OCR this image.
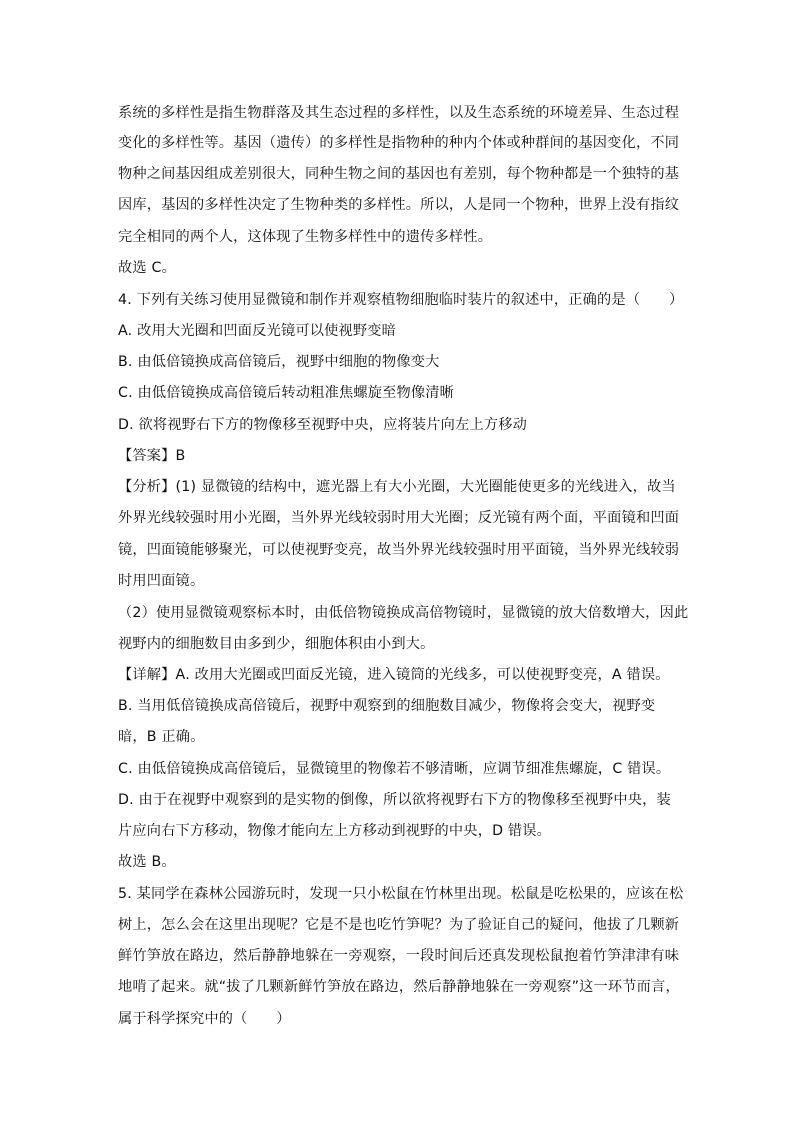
系统的多样性是指生物群落及其生态过程的多样性，以及生态系统的环境差异、生态过程
变化的多样性等。基因（遗传）的多样性是指物种的种内个体或种群间的基因变化，不同
物种之间基因组成差别很大，同种生物之间的基因也有差别，每个物种都是一个独特的基
因库，基因的多样性决定了生物种类的多样性。所以，人是同一个物种，世界上没有指纹
完全相同的两个人，这体现了生物多样性中的遗传多样性。
故选 C。
4. 下列有关练习使用显微镜和制作并观察植物细胞临时装片的叙述中，正确的是（　　）
A. 改用大光圈和凹面反光镜可以使视野变暗
B. 由低倍镜换成高倍镜后，视野中细胞的物像变大
C. 由低倍镜换成高倍镜后转动粗准焦螺旋至物像清晰
D. 欲将视野右下方的物像移至视野中央，应将装片向左上方移动
【答案】B
【分析】(1) 显微镜的结构中，遮光器上有大小光圈，大光圈能使更多的光线进入，故当
外界光线较强时用小光圈，当外界光线较弱时用大光圈；反光镜有两个面，平面镜和凹面
镜，凹面镜能够聚光，可以使视野变亮，故当外界光线较强时用平面镜，当外界光线较弱
时用凹面镜。
（2）使用显微镜观察标本时，由低倍物镜换成高倍物镜时，显微镜的放大倍数增大，因此
视野内的细胞数目由多到少，细胞体积由小到大。
【详解】A. 改用大光圈或凹面反光镜，进入镜筒的光线多，可以使视野变亮，A 错误。
B. 当用低倍镜换成高倍镜后，视野中观察到的细胞数目减少，物像将会变大，视野变
暗，B 正确。
C. 由低倍镜换成高倍镜后，显微镜里的物像若不够清晰，应调节细准焦螺旋，C 错误。
D. 由于在视野中观察到的是实物的倒像，所以欲将视野右下方的物像移至视野中央，装
片应向右下方移动，物像才能向左上方移动到视野的中央，D 错误。
故选 B。
5. 某同学在森林公园游玩时，发现一只小松鼠在竹林里出现。松鼠是吃松果的，应该在松
树上，怎么会在这里出现呢？它是不是也吃竹笋呢？为了验证自己的疑问，他拔了几颗新
鲜竹笋放在路边，然后静静地躲在一旁观察，一段时间后还真发现松鼠抱着竹笋津津有味
地啃了起来。就“拔了几颗新鲜竹笋放在路边，然后静静地躲在一旁观察”这一环节而言，
属于科学探究中的（　　）
